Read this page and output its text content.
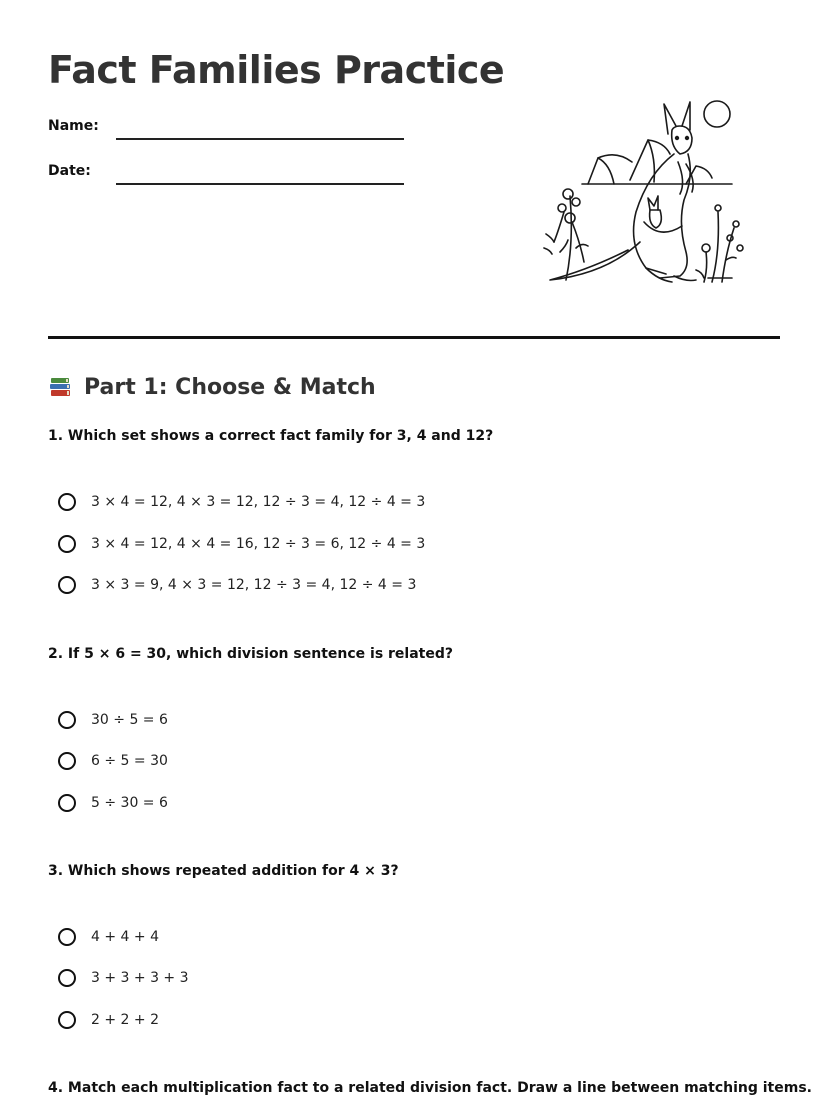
Fact Families Practice
Name:
Date:
Part 1: Choose & Match

1. Which set shows a correct fact family for 3, 4 and 12?

3 × 4 = 12, 4 × 3 = 12, 12 ÷ 3 = 4, 12 ÷ 4 = 3
3 × 4 = 12, 4 × 4 = 16, 12 ÷ 3 = 6, 12 ÷ 4 = 3
3 × 3 = 9, 4 × 3 = 12, 12 ÷ 3 = 4, 12 ÷ 4 = 3

2. If 5 × 6 = 30, which division sentence is related?

30 ÷ 5 = 6
6 ÷ 5 = 30
5 ÷ 30 = 6

3. Which shows repeated addition for 4 × 3?

4 + 4 + 4
3 + 3 + 3 + 3
2 + 2 + 2

4. Match each multiplication fact to a related division fact. Draw a line between matching items.
